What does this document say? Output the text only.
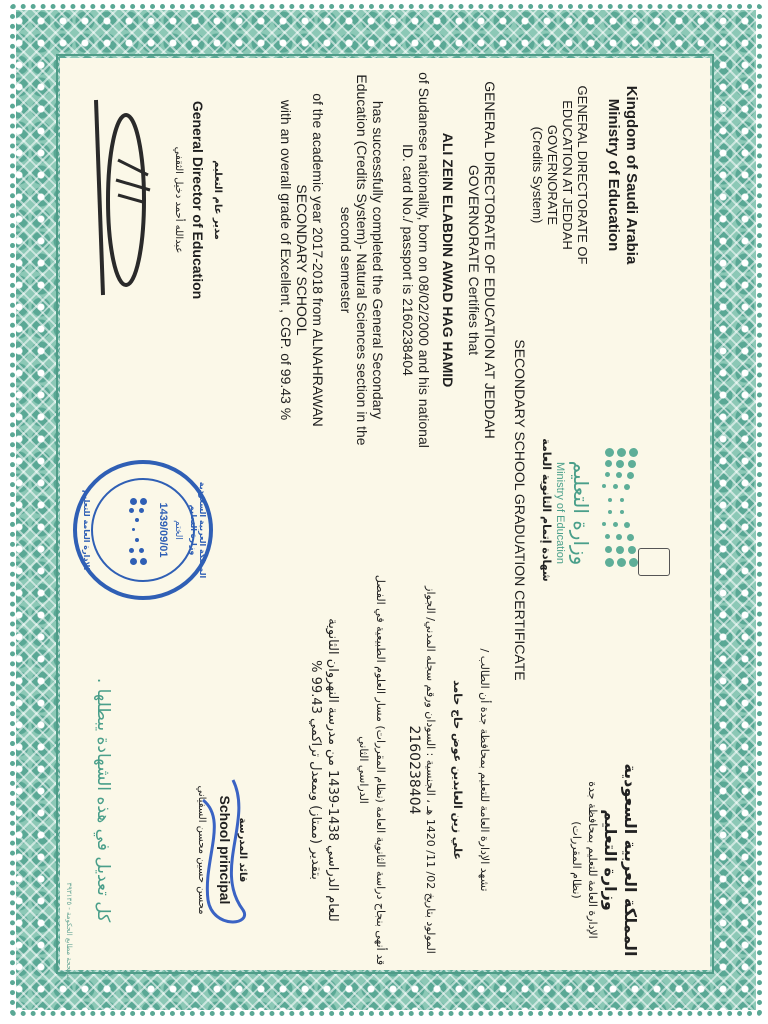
Kingdom of Saudi Arabia
Ministry of Education
GENERAL DIRECTORATE OF
EDUCATION AT JEDDAH
GOVERNORATE
(Credits System)
وزارة التعليم
Ministry of Education
المملكة العربية السعودية
وزارة التعليم
الإدارة العامة للتعليم بمحافظة جدة
(نظام المقررات)
شهادة إتمام الثانوية العامة
SECONDARY SCHOOL GRADUATION CERTIFICATE
GENERAL DIRECTORATE OF EDUCATION AT JEDDAH
GOVERNORATE Certifies that
ALI ZEIN ELABDIN AWAD HAG HAMID
of Sudanese nationality, born on 08/02/2000 and his national
ID. card No./ passport is 2160238404
has successfully completed the General Secondary
Education (Credits System)- Natural Sciences section in the
second semester
of the academic year 2017-2018 from ALNAHRAWAN
SECONDARY SCHOOL
with an overall grade of Excellent , CGP. of 99.43 %
تشهد الإدارة العامة للتعليم بمحافظة جدة أن الطالب /
علي زين العابدين عوض حاج حامد
المولود بتاريخ 02/ 11/ 1420 هـ ، الجنسية : السودان ورقم سجله المدني/ الجواز
2160238404
قد أنهى بنجاح دراسة الثانوية العامة (نظام المقررات) مسار العلوم الطبيعية في الفصل
الدراسي الثاني
للعام الدراسي 1438-1439 من مدرسة النهروان الثانوية
بتقدير (ممتاز) وبمعدل تراكمي 99.43 %
مدير عام التعليم
General Director of Education
عبدالله أحمد دخيل الثقفي
المملكة العربية السعودية وزارة التعليم
الإدارة العامة للتعليم	الختم
1439/09/01
قائد المدرسة
School principal
محسن حسين محسن السفياني
كل تعديل في هذه الشهادة يبطلها .
مصححة مطابع الحكومة - ٣٩٣١٣٥
